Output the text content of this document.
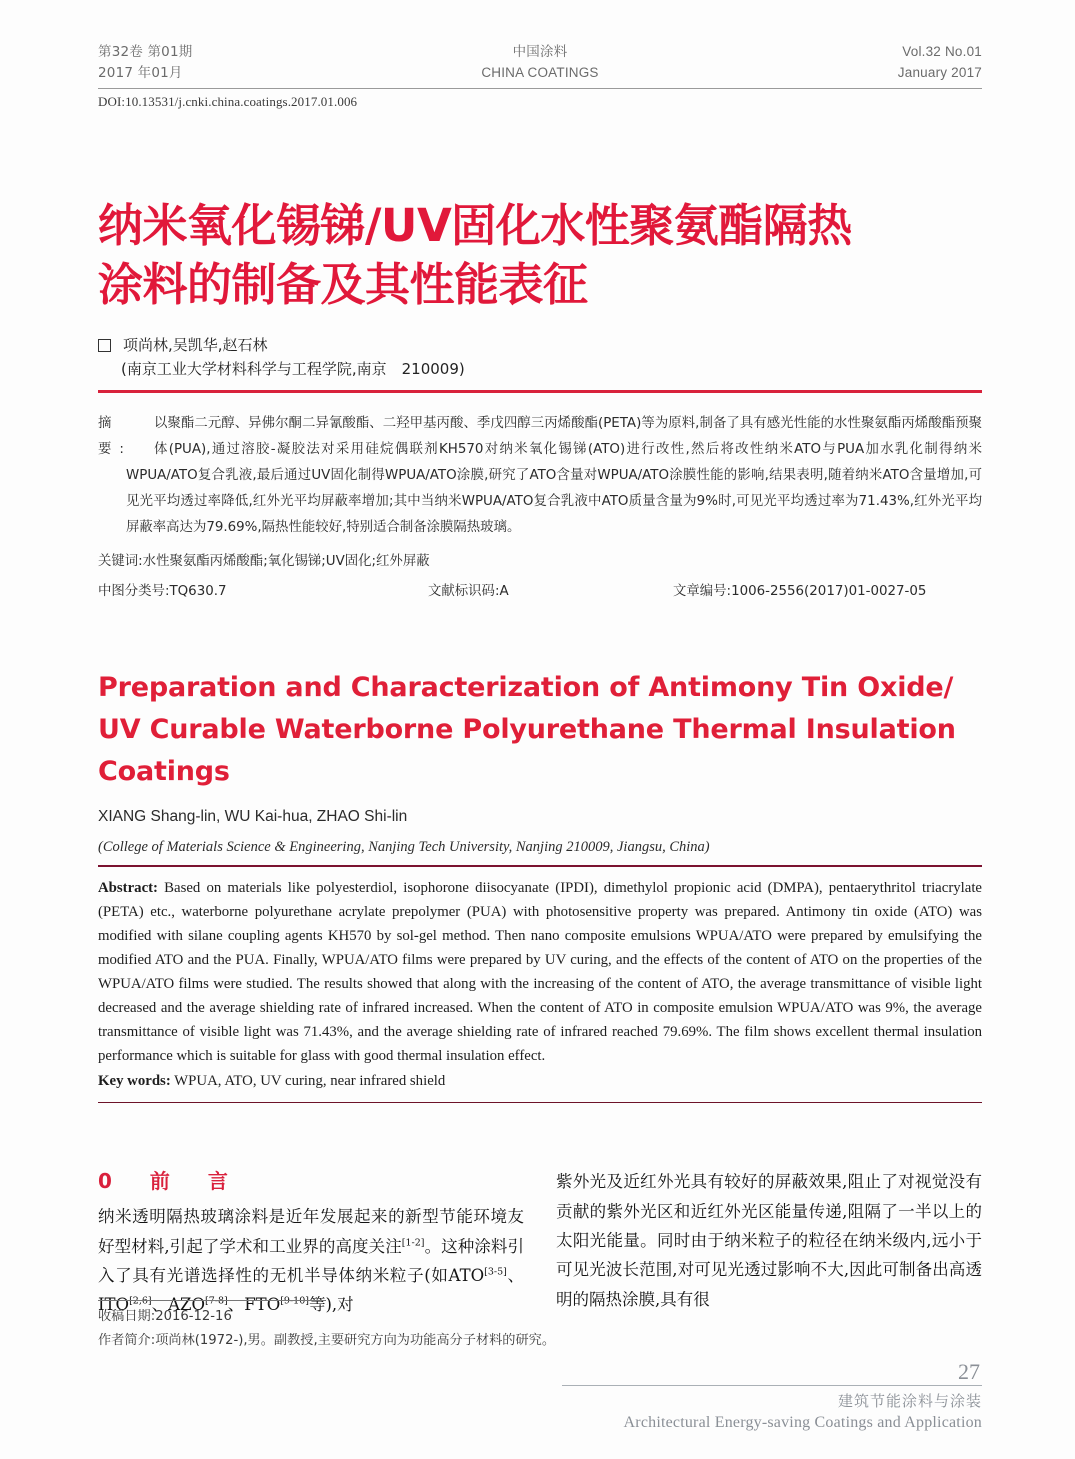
第32卷 第01期
2017 年01月
中国涂料
CHINA COATINGS
Vol.32 No.01
January 2017
DOI:10.13531/j.cnki.china.coatings.2017.01.006
纳米氧化锡锑/UV固化水性聚氨酯隔热
涂料的制备及其性能表征
项尚林,吴凯华,赵石林
(南京工业大学材料科学与工程学院,南京　210009)
摘　要:
以聚酯二元醇、异佛尔酮二异氰酸酯、二羟甲基丙酸、季戊四醇三丙烯酸酯(PETA)等为原料,制备了具有感光性能的水性聚氨酯丙烯酸酯预聚体(PUA),通过溶胶-凝胶法对采用硅烷偶联剂KH570对纳米氧化锡锑(ATO)进行改性,然后将改性纳米ATO与PUA加水乳化制得纳米WPUA/ATO复合乳液,最后通过UV固化制得WPUA/ATO涂膜,研究了ATO含量对WPUA/ATO涂膜性能的影响,结果表明,随着纳米ATO含量增加,可见光平均透过率降低,红外光平均屏蔽率增加;其中当纳米WPUA/ATO复合乳液中ATO质量含量为9%时,可见光平均透过率为71.43%,红外光平均屏蔽率高达为79.69%,隔热性能较好,特别适合制备涂膜隔热玻璃。
关键词:水性聚氨酯丙烯酸酯;氧化锡锑;UV固化;红外屏蔽
中图分类号:TQ630.7	文献标识码:A	文章编号:1006-2556(2017)01-0027-05
Preparation and Characterization of Antimony Tin Oxide/
UV Curable Waterborne Polyurethane Thermal Insulation
Coatings
XIANG Shang-lin, WU Kai-hua, ZHAO Shi-lin
(College of Materials Science & Engineering, Nanjing Tech University, Nanjing 210009, Jiangsu, China)
Abstract: Based on materials like polyesterdiol, isophorone diisocyanate (IPDI), dimethylol propionic acid (DMPA), pentaerythritol triacrylate (PETA) etc., waterborne polyurethane acrylate prepolymer (PUA) with photosensitive property was prepared. Antimony tin oxide (ATO) was modified with silane coupling agents KH570 by sol-gel method. Then nano composite emulsions WPUA/ATO were prepared by emulsifying the modified ATO and the PUA. Finally, WPUA/ATO films were prepared by UV curing, and the effects of the content of ATO on the properties of the WPUA/ATO films were studied. The results showed that along with the increasing of the content of ATO, the average transmittance of visible light decreased and the average shielding rate of infrared increased. When the content of ATO in composite emulsion WPUA/ATO was 9%, the average transmittance of visible light was 71.43%, and the average shielding rate of infrared reached 79.69%. The film shows excellent thermal insulation performance which is suitable for glass with good thermal insulation effect.
Key words: WPUA, ATO, UV curing, near infrared shield
0　前　言
纳米透明隔热玻璃涂料是近年发展起来的新型节能环境友好型材料,引起了学术和工业界的高度关注[1-2]。这种涂料引入了具有光谱选择性的无机半导体纳米粒子(如ATO[3-5]、ITO[2,6]、AZO[7-8]、FTO[9-10]等),对
紫外光及近红外光具有较好的屏蔽效果,阻止了对视觉没有贡献的紫外光区和近红外光区能量传递,阻隔了一半以上的太阳光能量。同时由于纳米粒子的粒径在纳米级内,远小于可见光波长范围,对可见光透过影响不大,因此可制备出高透明的隔热涂膜,具有很
收稿日期:2016-12-16
作者简介:项尚林(1972-),男。副教授,主要研究方向为功能高分子材料的研究。
27
建筑节能涂料与涂装
Architectural Energy-saving Coatings and Application
